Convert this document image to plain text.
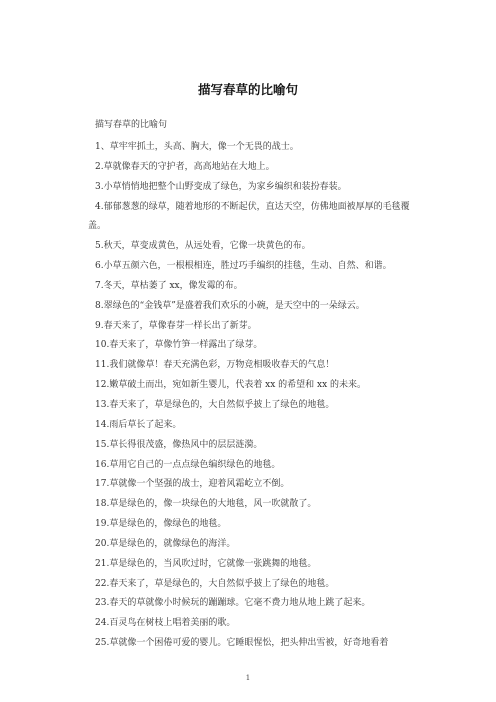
描写春草的比喻句
描写春草的比喻句
1、草牢牢抓土，头高、胸大，像一个无畏的战士。
2.草就像春天的守护者，高高地站在大地上。
3.小草悄悄地把整个山野变成了绿色，为家乡编织和装扮春装。
4.郁郁葱葱的绿草，随着地形的不断起伏，直达天空，仿佛地面被厚厚的毛毯覆盖。
5.秋天，草变成黄色，从远处看，它像一块黄色的布。
6.小草五颜六色，一根根相连，胜过巧手编织的挂毯，生动、自然、和谐。
7.冬天，草枯萎了 xx，像发霉的布。
8.翠绿色的“金钱草”是盛着我们欢乐的小碗，是天空中的一朵绿云。
9.春天来了，草像春芽一样长出了新芽。
10.春天来了，草像竹笋一样露出了绿芽。
11.我们就像草！春天充满色彩，万物竞相吸收春天的气息！
12.嫩草破土而出，宛如新生婴儿，代表着 xx 的希望和 xx 的未来。
13.春天来了，草是绿色的，大自然似乎披上了绿色的地毯。
14.雨后草长了起来。
15.草长得很茂盛，像热风中的层层涟漪。
16.草用它自己的一点点绿色编织绿色的地毯。
17.草就像一个坚强的战士，迎着风霜屹立不倒。
18.草是绿色的，像一块绿色的大地毯，风一吹就散了。
19.草是绿色的，像绿色的地毯。
20.草是绿色的，就像绿色的海洋。
21.草是绿色的，当风吹过时，它就像一张跳舞的地毯。
22.春天来了，草是绿色的，大自然似乎披上了绿色的地毯。
23.春天的草就像小时候玩的蹦蹦球。它毫不费力地从地上跳了起来。
24.百灵鸟在树枝上唱着美丽的歌。
25.草就像一个困倦可爱的婴儿。它睡眼惺忪，把头伸出雪被，好奇地看着
1
